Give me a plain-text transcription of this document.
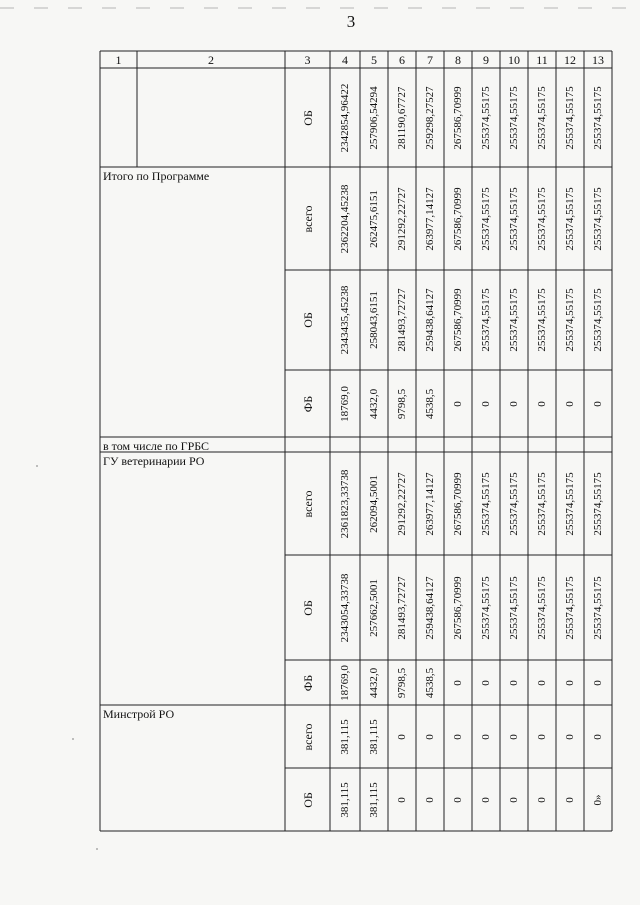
3
1	2	3	4	5	6	7	8	9	10	11	12	13
ОБ 2342854,96422 257906,54294 281190,67727 259298,27527 267586,70999 255374,55175 255374,55175 255374,55175 255374,55175 255374,55175
Итого по Программе
всего 2362204,45238 262475,6151 291292,22727 263977,14127 267586,70999 255374,55175 255374,55175 255374,55175 255374,55175 255374,55175
ОБ 2343435,45238 258043,6151 281493,72727 259438,64127 267586,70999 255374,55175 255374,55175 255374,55175 255374,55175 255374,55175
ФБ 18769,0 4432,0 9798,5 4538,5 0 0 0 0 0 0
в том числе по ГРБС
ГУ ветеринарии РО
всего 2361823,33738 262094,5001 291292,22727 263977,14127 267586,70999 255374,55175 255374,55175 255374,55175 255374,55175 255374,55175
ОБ 2343054,33738 257662,5001 281493,72727 259438,64127 267586,70999 255374,55175 255374,55175 255374,55175 255374,55175 255374,55175
ФБ 18769,0 4432,0 9798,5 4538,5 0 0 0 0 0 0
Минстрой РО
всего 381,115 381,115 0 0 0 0 0 0 0 0
ОБ 381,115 381,115 0 0 0 0 0 0 0 0»
